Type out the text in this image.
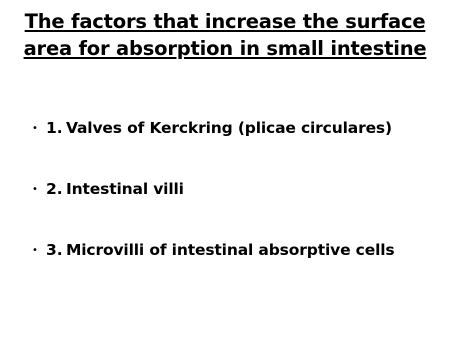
The factors that increase the surface area for absorption in small intestine
• 1. Valves of Kerckring (plicae circulares)
• 2. Intestinal villi
• 3. Microvilli of intestinal absorptive cells
